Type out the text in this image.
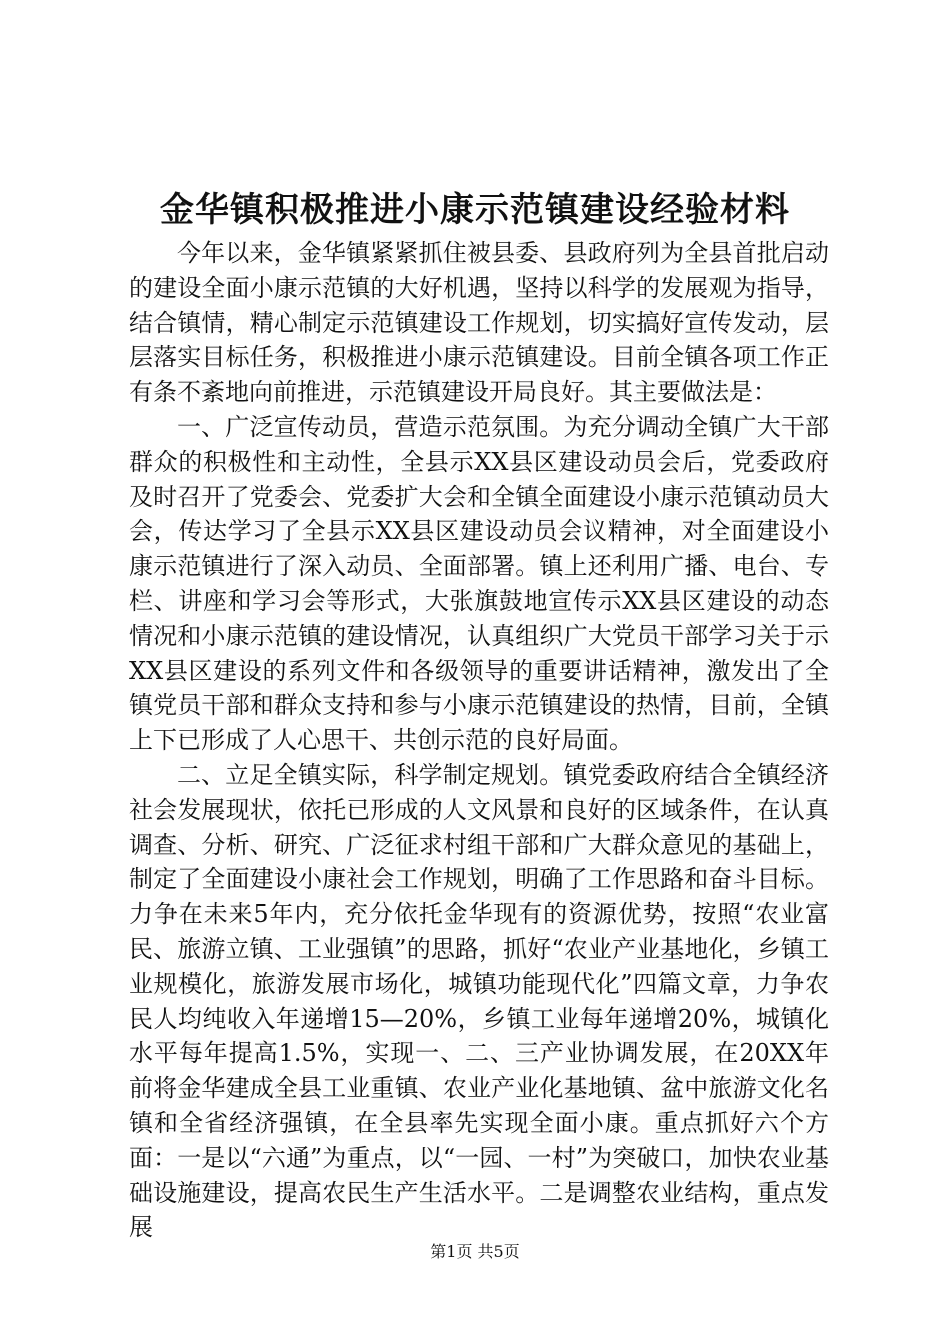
金华镇积极推进小康示范镇建设经验材料

今年以来，金华镇紧紧抓住被县委、县政府列为全县首批启动的建设全面小康示范镇的大好机遇，坚持以科学的发展观为指导，结合镇情，精心制定示范镇建设工作规划，切实搞好宣传发动，层层落实目标任务，积极推进小康示范镇建设。目前全镇各项工作正有条不紊地向前推进，示范镇建设开局良好。其主要做法是：

一、广泛宣传动员，营造示范氛围。为充分调动全镇广大干部群众的积极性和主动性，全县示XX县区建设动员会后，党委政府及时召开了党委会、党委扩大会和全镇全面建设小康示范镇动员大会，传达学习了全县示XX县区建设动员会议精神，对全面建设小康示范镇进行了深入动员、全面部署。镇上还利用广播、电台、专栏、讲座和学习会等形式，大张旗鼓地宣传示XX县区建设的动态情况和小康示范镇的建设情况，认真组织广大党员干部学习关于示XX县区建设的系列文件和各级领导的重要讲话精神，激发出了全镇党员干部和群众支持和参与小康示范镇建设的热情，目前，全镇上下已形成了人心思干、共创示范的良好局面。

二、立足全镇实际，科学制定规划。镇党委政府结合全镇经济社会发展现状，依托已形成的人文风景和良好的区域条件，在认真调查、分析、研究、广泛征求村组干部和广大群众意见的基础上，制定了全面建设小康社会工作规划，明确了工作思路和奋斗目标。力争在未来5年内，充分依托金华现有的资源优势，按照“农业富民、旅游立镇、工业强镇”的思路，抓好“农业产业基地化，乡镇工业规模化，旅游发展市场化，城镇功能现代化”四篇文章，力争农民人均纯收入年递增15—20%，乡镇工业每年递增20%，城镇化水平每年提高1.5%，实现一、二、三产业协调发展，在20XX年前将金华建成全县工业重镇、农业产业化基地镇、盆中旅游文化名镇和全省经济强镇，在全县率先实现全面小康。重点抓好六个方面：一是以“六通”为重点，以“一园、一村”为突破口，加快农业基础设施建设，提高农民生产生活水平。二是调整农业结构，重点发展

第1页 共5页
